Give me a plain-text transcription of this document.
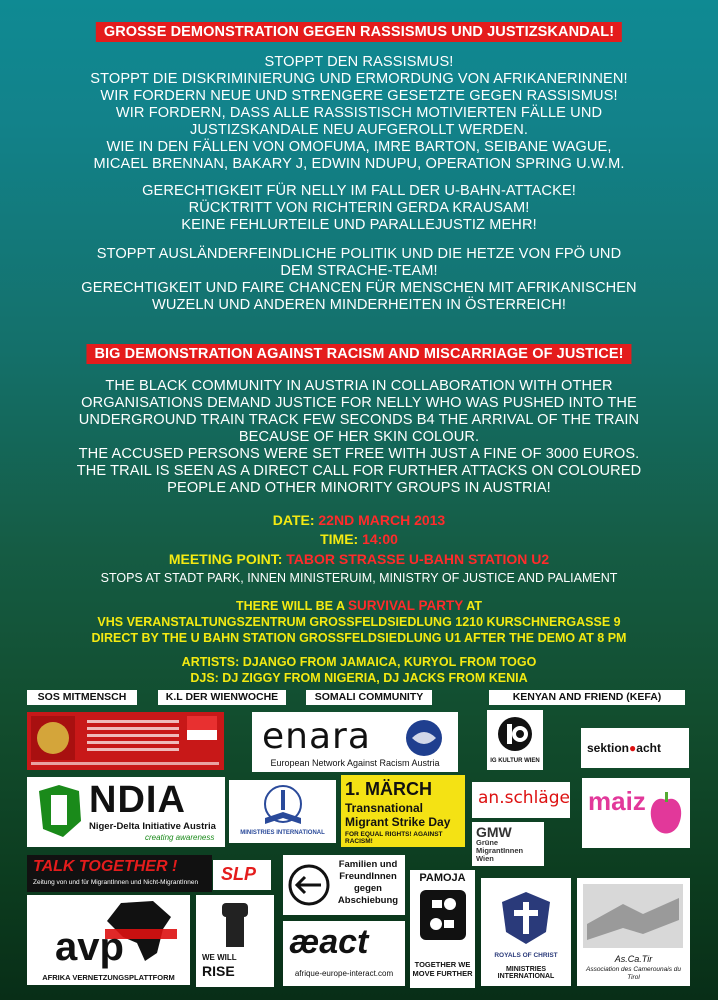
GROSSE DEMONSTRATION GEGEN RASSISMUS UND JUSTIZSKANDAL!

STOPPT DEN RASSISMUS!

STOPPT DIE DISKRIMINIERUNG UND ERMORDUNG VON AFRIKANERINNEN!

WIR FORDERN NEUE UND STRENGERE GESETZTE GEGEN RASSISMUS!

WIR FORDERN, DASS ALLE RASSISTISCH MOTIVIERTEN FÄLLE UND

JUSTIZSKANDALE NEU AUFGEROLLT WERDEN.

WIE IN DEN FÄLLEN VON OMOFUMA, IMRE BARTON, SEIBANE WAGUE,

MICAEL BRENNAN, BAKARY J, EDWIN NDUPU, OPERATION SPRING U.W.M.

GERECHTIGKEIT FÜR NELLY IM FALL DER U-BAHN-ATTACKE!

RÜCKTRITT VON RICHTERIN GERDA KRAUSAM!

KEINE FEHLURTEILE UND PARALLEJUSTIZ MEHR!

STOPPT AUSLÄNDERFEINDLICHE POLITIK UND DIE HETZE VON FPÖ UND

DEM STRACHE-TEAM!

GERECHTIGKEIT UND FAIRE CHANCEN FÜR MENSCHEN MIT AFRIKANISCHEN

WUZELN UND ANDEREN MINDERHEITEN IN ÖSTERREICH!

BIG DEMONSTRATION AGAINST RACISM AND MISCARRIAGE OF JUSTICE!

THE BLACK COMMUNITY IN AUSTRIA IN COLLABORATION WITH OTHER

ORGANISATIONS DEMAND JUSTICE FOR NELLY WHO WAS PUSHED INTO THE

UNDERGROUND TRAIN TRACK FEW SECONDS B4 THE ARRIVAL OF THE TRAIN

BECAUSE OF HER SKIN COLOUR.

THE ACCUSED PERSONS WERE SET FREE WITH JUST A FINE OF 3000 EUROS.

THE TRAIL IS SEEN AS A DIRECT CALL FOR FURTHER ATTACKS ON COLOURED

PEOPLE AND OTHER MINORITY GROUPS IN AUSTRIA!

DATE: 22ND MARCH 2013
TIME: 14:00
MEETING POINT: TABOR STRASSE U-BAHN STATION U2
STOPS AT STADT PARK, INNEN MINISTERUIM, MINISTRY OF JUSTICE AND PALIAMENT
THERE WILL BE A SURVIVAL PARTY AT
VHS VERANSTALTUNGSZENTRUM GROSSFELDSIEDLUNG 1210 KURSCHNERGASSE 9
DIRECT BY THE U BAHN STATION GROSSFELDSIEDLUNG U1 AFTER THE DEMO AT 8 PM
ARTISTS: DJANGO FROM JAMAICA, KURYOL FROM TOGO
DJS: DJ ZIGGY FROM NIGERIA, DJ JACKS FROM KENIA
SOS MITMENSCH	K.L DER WIENWOCHE	SOMALI COMMUNITY	KENYAN AND FRIEND (KEFA)
enara
European Network Against Racism Austria	IG KULTUR WIEN
sektion●acht
NDIA
Niger-Delta Initiative Austria
creating awareness	MINISTRIES INTERNATIONAL
1. MÄRCH
Transnational
Migrant Strike Day
FOR EQUAL RIGHTS! AGAINST RACISM!
an.schläge
GMW
Grüne
MigrantInnen
Wien
maiz
TALK TOGETHER !
Zeitung von und für MigrantInnen und Nicht-MigrantInnen SLP	Familien und
FreundInnen
gegen
Abschiebung
PAMOJA
TOGETHER WE MOVE FURTHER
ROYALS OF CHRIST
MINISTRIES INTERNATIONAL
As.Ca.Tir
Association des Camerounais du Tirol
avp
AFRIKA VERNETZUNGSPLATTFORM
WE WILL
RISE
æact
afrique-europe-interact.com
